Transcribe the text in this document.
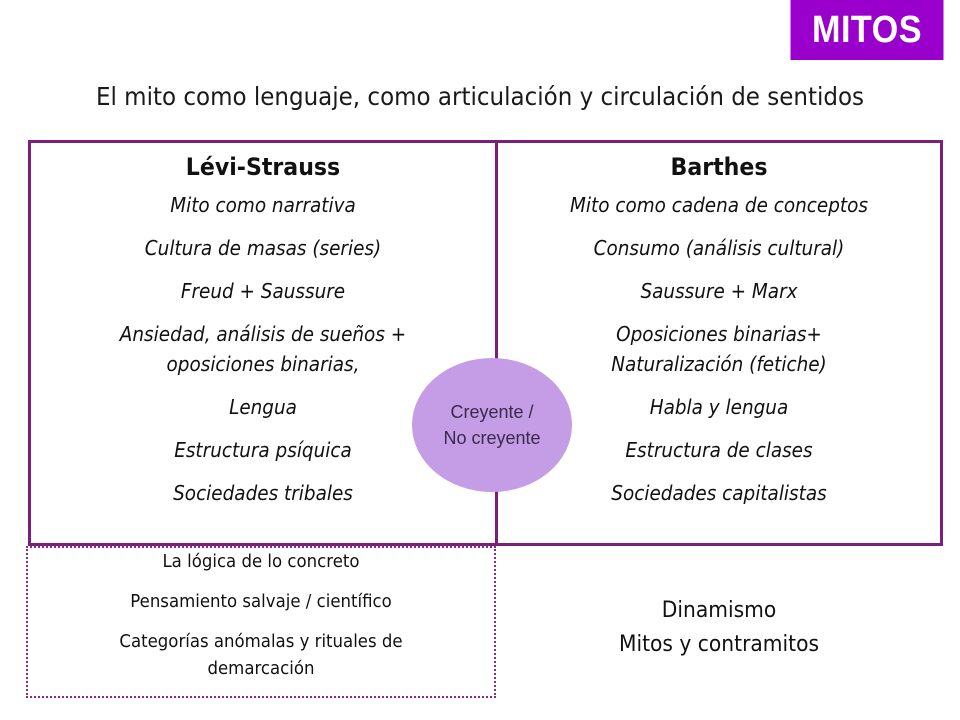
MITOS
El mito como lenguaje, como articulación y circulación de sentidos
Lévi-Strauss
Mito como narrativa
Cultura de masas (series)
Freud + Saussure
Ansiedad, análisis de sueños +
oposiciones binarias,
Lengua
Estructura psíquica
Sociedades tribales
Barthes
Mito como cadena de conceptos
Consumo (análisis cultural)
Saussure + Marx
Oposiciones binarias+
Naturalización (fetiche)
Habla y lengua
Estructura de clases
Sociedades capitalistas
Creyente / No creyente
La lógica de lo concreto
Pensamiento salvaje / científico
Categorías anómalas y rituales de
demarcación
Dinamismo
Mitos y contramitos
